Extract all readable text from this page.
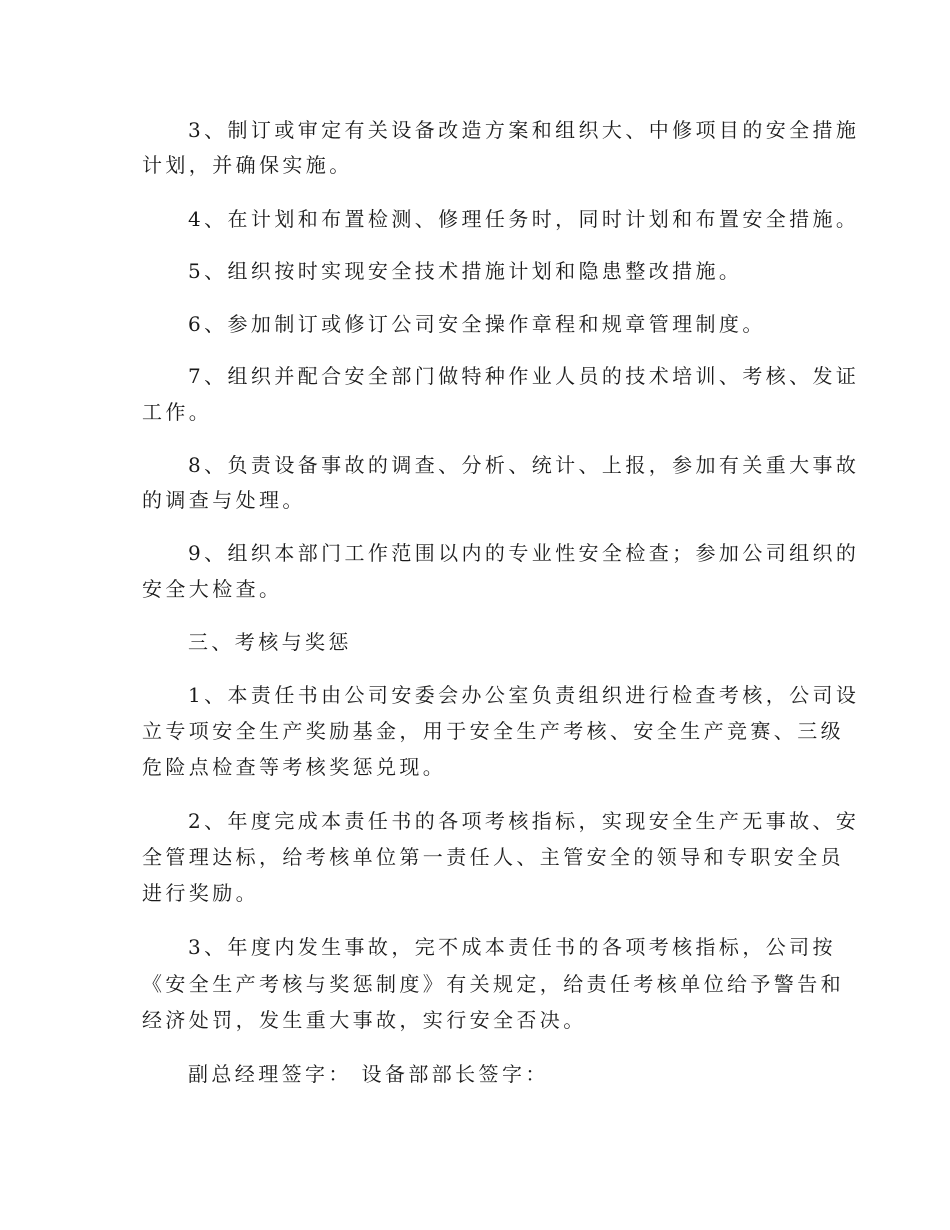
3、制订或审定有关设备改造方案和组织大、中修项目的安全措施
计划，并确保实施。
4、在计划和布置检测、修理任务时，同时计划和布置安全措施。
5、组织按时实现安全技术措施计划和隐患整改措施。
6、参加制订或修订公司安全操作章程和规章管理制度。
7、组织并配合安全部门做特种作业人员的技术培训、考核、发证
工作。
8、负责设备事故的调查、分析、统计、上报，参加有关重大事故
的调查与处理。
9、组织本部门工作范围以内的专业性安全检查；参加公司组织的
安全大检查。
三、考核与奖惩
1、本责任书由公司安委会办公室负责组织进行检查考核，公司设
立专项安全生产奖励基金，用于安全生产考核、安全生产竞赛、三级
危险点检查等考核奖惩兑现。
2、年度完成本责任书的各项考核指标，实现安全生产无事故、安
全管理达标，给考核单位第一责任人、主管安全的领导和专职安全员
进行奖励。
3、年度内发生事故，完不成本责任书的各项考核指标，公司按
《安全生产考核与奖惩制度》有关规定，给责任考核单位给予警告和
经济处罚，发生重大事故，实行安全否决。
副总经理签字： 设备部部长签字：
